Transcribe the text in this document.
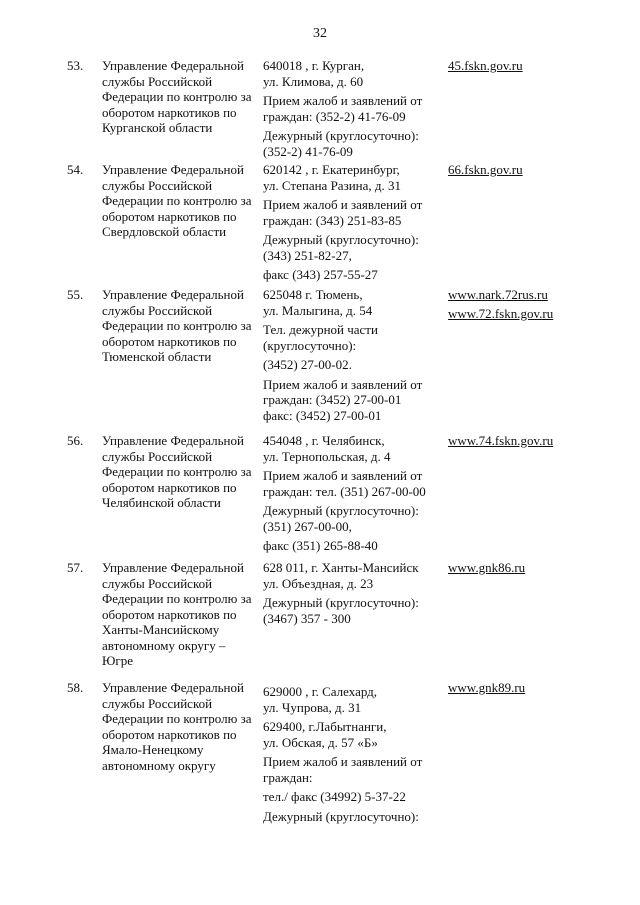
32
53. Управление Федеральной
службы Российской
Федерации по контролю за
оборотом наркотиков по
Курганской области
640018 , г. Курган,
ул. Климова, д. 60
Прием жалоб и заявлений от
граждан: (352-2) 41-76-09
Дежурный (круглосуточно):
(352-2) 41-76-09
45.fskn.gov.ru
54. Управление Федеральной
службы Российской
Федерации по контролю за
оборотом наркотиков по
Свердловской области
620142 , г. Екатеринбург,
ул. Степана Разина, д. 31
Прием жалоб и заявлений от
граждан: (343) 251-83-85
Дежурный (круглосуточно):
(343) 251-82-27,
факс (343) 257-55-27
66.fskn.gov.ru
55. Управление Федеральной
службы Российской
Федерации по контролю за
оборотом наркотиков по
Тюменской области
625048 г. Тюмень,
ул. Малыгина, д. 54
Тел. дежурной части
(круглосуточно):
(3452) 27-00-02.
Прием жалоб и заявлений от
граждан: (3452) 27-00-01
факс: (3452) 27-00-01
www.nark.72rus.ru
www.72.fskn.gov.ru
56. Управление Федеральной
службы Российской
Федерации по контролю за
оборотом наркотиков по
Челябинской области
454048 , г. Челябинск,
ул. Тернопольская, д. 4
Прием жалоб и заявлений от
граждан: тел. (351) 267-00-00
Дежурный (круглосуточно):
(351) 267-00-00,
факс (351) 265-88-40
www.74.fskn.gov.ru
57. Управление Федеральной
службы Российской
Федерации по контролю за
оборотом наркотиков по
Ханты-Мансийскому
автономному округу –
Югре
628 011, г. Ханты-Мансийск
ул. Объездная, д. 23
Дежурный (круглосуточно):
(3467) 357 - 300
www.gnk86.ru
58. Управление Федеральной
службы Российской
Федерации по контролю за
оборотом наркотиков по
Ямало-Ненецкому
автономному округу
629000 , г. Салехард,
ул. Чупрова, д. 31
629400, г.Лабытнанги,
ул. Обская, д. 57 «Б»
Прием жалоб и заявлений от
граждан:
тел./ факс (34992) 5-37-22
Дежурный (круглосуточно):
www.gnk89.ru
